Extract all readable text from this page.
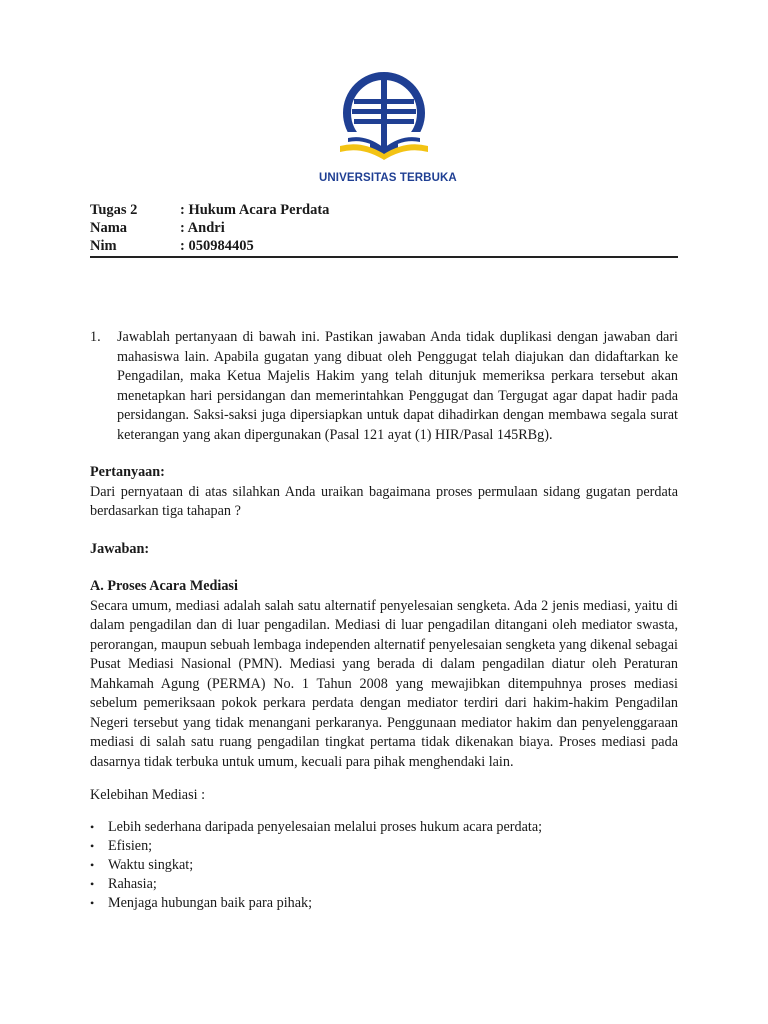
UNIVERSITAS TERBUKA
Tugas 2	: Hukum Acara Perdata
Nama	: Andri
Nim	: 050984405
1.	Jawablah pertanyaan di bawah ini. Pastikan jawaban Anda tidak duplikasi dengan jawaban dari mahasiswa lain. Apabila gugatan yang dibuat oleh Penggugat telah diajukan dan didaftarkan ke Pengadilan, maka Ketua Majelis Hakim yang telah ditunjuk memeriksa perkara tersebut akan menetapkan hari persidangan dan memerintahkan Penggugat dan Tergugat agar dapat hadir pada persidangan. Saksi-saksi juga dipersiapkan untuk dapat dihadirkan dengan membawa segala surat keterangan yang akan dipergunakan (Pasal 121 ayat (1) HIR/Pasal 145RBg).
Pertanyaan:
Dari pernyataan di atas silahkan Anda uraikan bagaimana proses permulaan sidang gugatan perdata berdasarkan tiga tahapan ?
Jawaban:
A. Proses Acara Mediasi
Secara umum, mediasi adalah salah satu alternatif penyelesaian sengketa. Ada 2 jenis mediasi, yaitu di dalam pengadilan dan di luar pengadilan. Mediasi di luar pengadilan ditangani oleh mediator swasta, perorangan, maupun sebuah lembaga independen alternatif penyelesaian sengketa yang dikenal sebagai Pusat Mediasi Nasional (PMN). Mediasi yang berada di dalam pengadilan diatur oleh Peraturan Mahkamah Agung (PERMA) No. 1 Tahun 2008 yang mewajibkan ditempuhnya proses mediasi sebelum pemeriksaan pokok perkara perdata dengan mediator terdiri dari hakim-hakim Pengadilan Negeri tersebut yang tidak menangani perkaranya. Penggunaan mediator hakim dan penyelenggaraan mediasi di salah satu ruang pengadilan tingkat pertama tidak dikenakan biaya. Proses mediasi pada dasarnya tidak terbuka untuk umum, kecuali para pihak menghendaki lain.
Kelebihan Mediasi :
• Lebih sederhana daripada penyelesaian melalui proses hukum acara perdata;
• Efisien;
• Waktu singkat;
• Rahasia;
• Menjaga hubungan baik para pihak;
